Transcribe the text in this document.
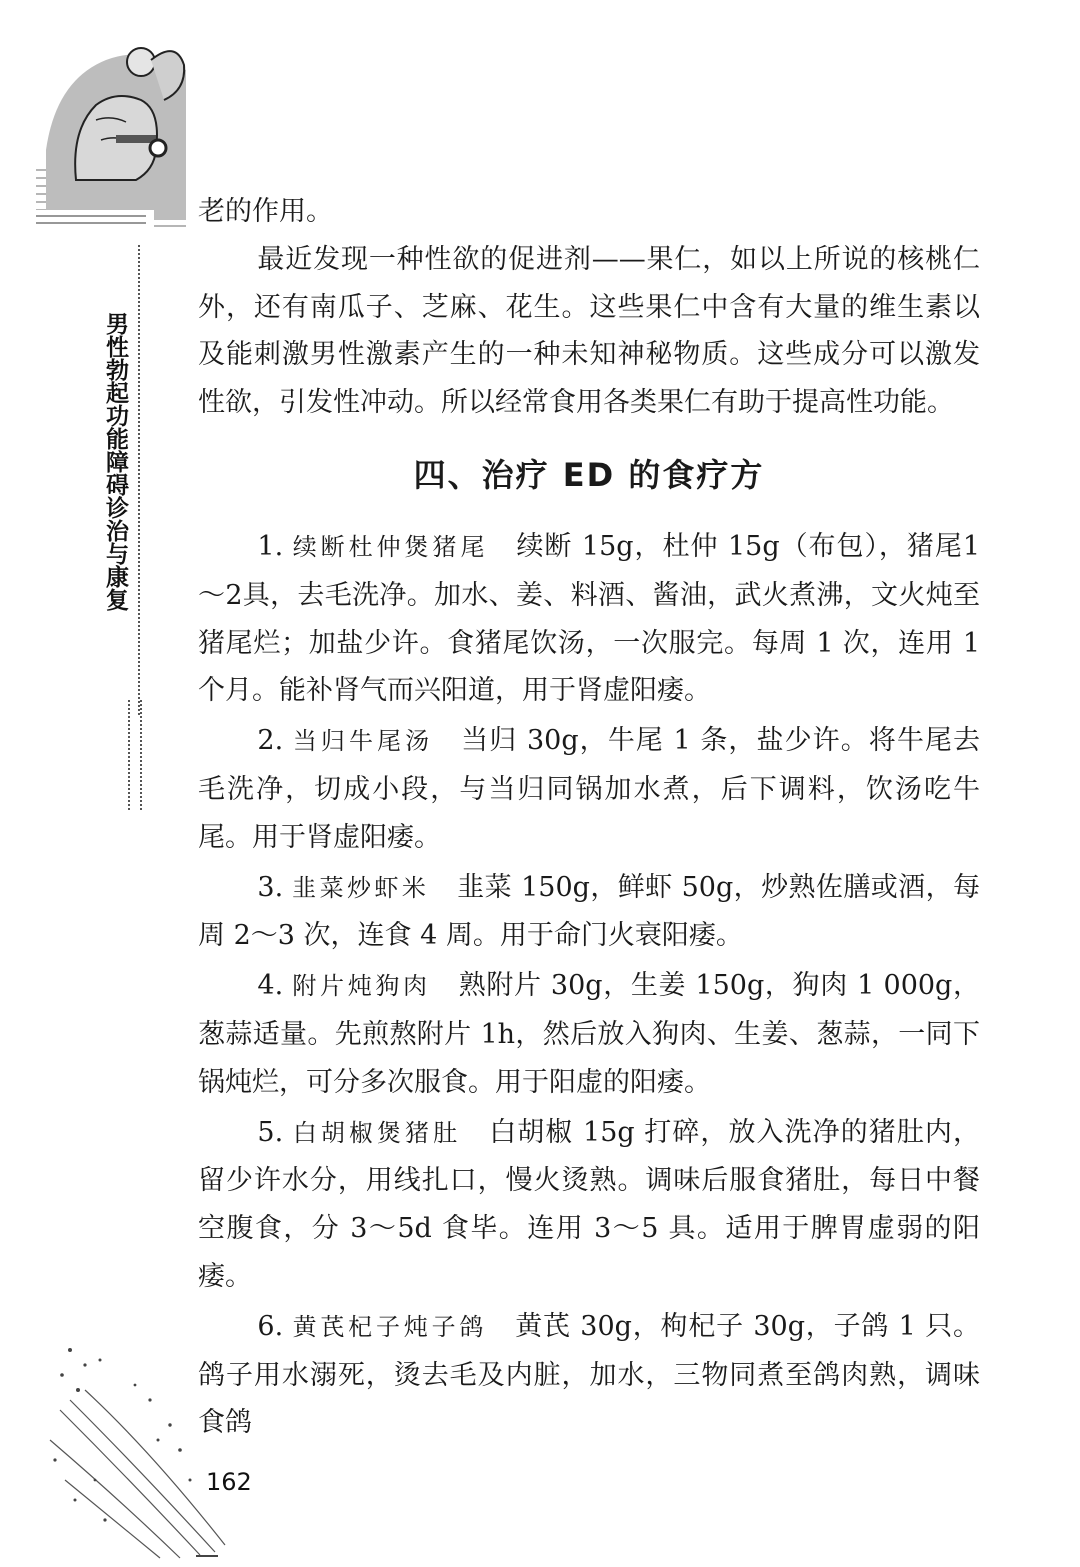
男性勃起功能障碍诊治与康复

老的作用。

最近发现一种性欲的促进剂——果仁，如以上所说的核桃仁外，还有南瓜子、芝麻、花生。这些果仁中含有大量的维生素以及能刺激男性激素产生的一种未知神秘物质。这些成分可以激发性欲，引发性冲动。所以经常食用各类果仁有助于提高性功能。

四、治疗 ED 的食疗方

1. 续断杜仲煲猪尾 续断 15g，杜仲 15g（布包），猪尾1～2具，去毛洗净。加水、姜、料酒、酱油，武火煮沸，文火炖至猪尾烂；加盐少许。食猪尾饮汤，一次服完。每周 1 次，连用 1 个月。能补肾气而兴阳道，用于肾虚阳痿。

2. 当归牛尾汤 当归 30g，牛尾 1 条，盐少许。将牛尾去毛洗净，切成小段，与当归同锅加水煮，后下调料，饮汤吃牛尾。用于肾虚阳痿。

3. 韭菜炒虾米 韭菜 150g，鲜虾 50g，炒熟佐膳或酒，每周 2～3 次，连食 4 周。用于命门火衰阳痿。

4. 附片炖狗肉 熟附片 30g，生姜 150g，狗肉 1 000g，葱蒜适量。先煎熬附片 1h，然后放入狗肉、生姜、葱蒜，一同下锅炖烂，可分多次服食。用于阳虚的阳痿。

5. 白胡椒煲猪肚 白胡椒 15g 打碎，放入洗净的猪肚内，留少许水分，用线扎口，慢火烫熟。调味后服食猪肚，每日中餐空腹食，分 3～5d 食毕。连用 3～5 具。适用于脾胃虚弱的阳痿。

6. 黄芪杞子炖子鸽 黄芪 30g，枸杞子 30g，子鸽 1 只。鸽子用水溺死，烫去毛及内脏，加水，三物同煮至鸽肉熟，调味食鸽

162
